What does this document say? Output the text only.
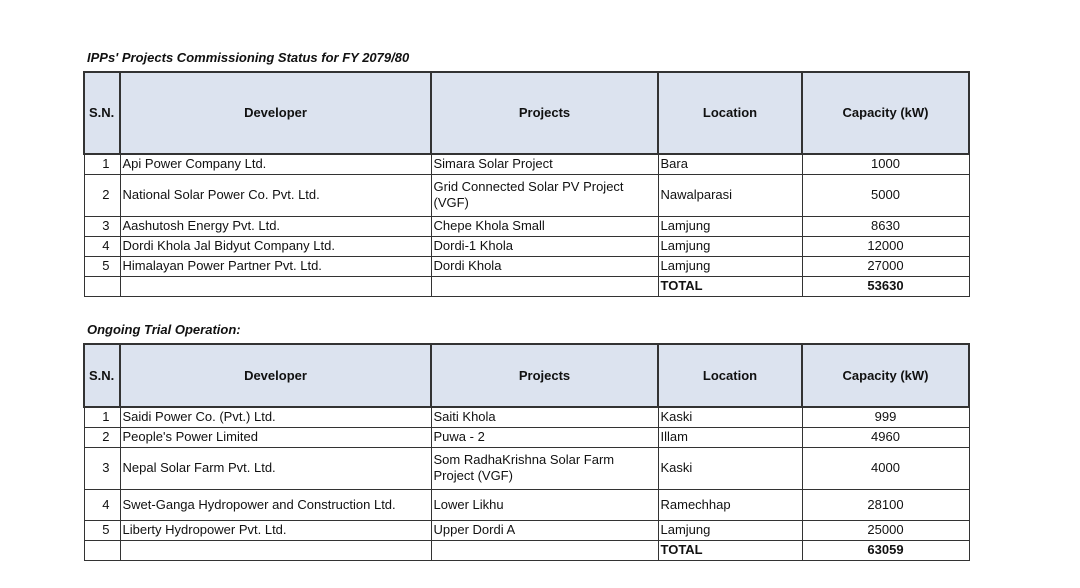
IPPs' Projects Commissioning Status for FY 2079/80
S.N.	Developer	Projects	Location	Capacity (kW)
1	Api Power Company Ltd.	Simara Solar Project	Bara	1000
2	National Solar Power Co. Pvt. Ltd.	Grid Connected Solar PV Project (VGF)	Nawalparasi	5000
3	Aashutosh Energy Pvt. Ltd.	Chepe Khola Small	Lamjung	8630
4	Dordi Khola Jal Bidyut Company Ltd.	Dordi-1 Khola	Lamjung	12000
5	Himalayan Power Partner Pvt. Ltd.	Dordi Khola	Lamjung	27000
			TOTAL	53630
Ongoing Trial Operation:
S.N.	Developer	Projects	Location	Capacity (kW)
1	Saidi Power Co. (Pvt.) Ltd.	Saiti Khola	Kaski	999
2	People's Power Limited	Puwa - 2	Illam	4960
3	Nepal Solar Farm Pvt. Ltd.	Som RadhaKrishna Solar Farm Project (VGF)	Kaski	4000
4	Swet-Ganga Hydropower and Construction Ltd.	Lower Likhu	Ramechhap	28100
5	Liberty Hydropower Pvt. Ltd.	Upper Dordi A	Lamjung	25000
			TOTAL	63059
